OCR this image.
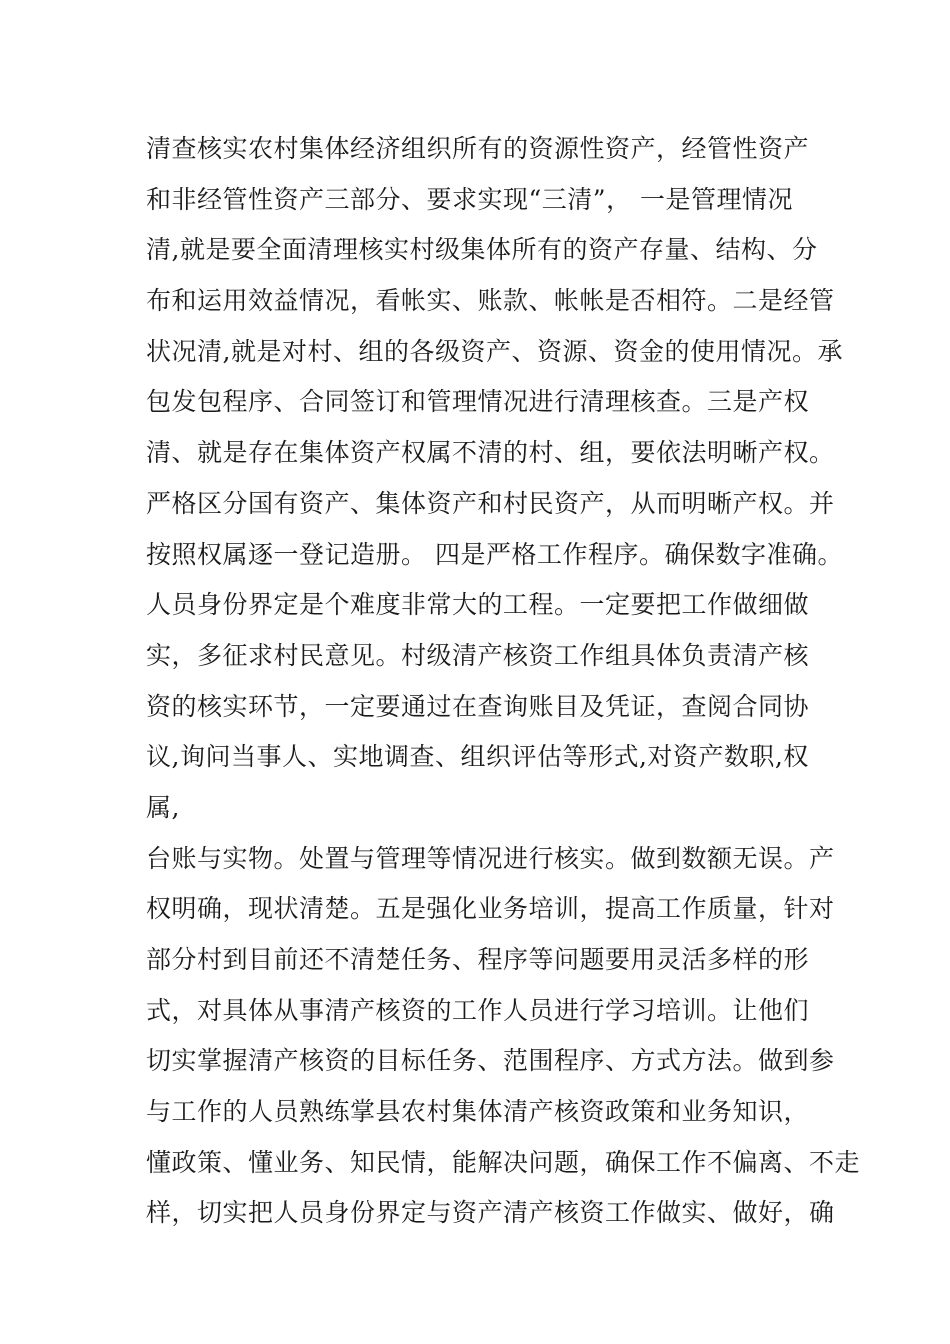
清查核实农村集体经济组织所有的资源性资产，经管性资产
和非经管性资产三部分、要求实现“三清”， 一是管理情况
清,就是要全面清理核实村级集体所有的资产存量、结构、分
布和运用效益情况，看帐实、账款、帐帐是否相符。二是经管
状况清,就是对村、组的各级资产、资源、资金的使用情况。承
包发包程序、合同签订和管理情况进行清理核查。三是产权
清、就是存在集体资产权属不清的村、组，要依法明晰产权。
严格区分国有资产、集体资产和村民资产，从而明晰产权。并
按照权属逐一登记造册。 四是严格工作程序。确保数字准确。
人员身份界定是个难度非常大的工程。一定要把工作做细做
实，多征求村民意见。村级清产核资工作组具体负责清产核
资的核实环节，一定要通过在查询账目及凭证，查阅合同协
议,询问当事人、实地调查、组织评估等形式,对资产数职,权
属,
台账与实物。处置与管理等情况进行核实。做到数额无误。产
权明确，现状清楚。五是强化业务培训，提高工作质量，针对
部分村到目前还不清楚任务、程序等问题要用灵活多样的形
式，对具体从事清产核资的工作人员进行学习培训。让他们
切实掌握清产核资的目标任务、范围程序、方式方法。做到参
与工作的人员熟练掌县农村集体清产核资政策和业务知识，
懂政策、懂业务、知民情，能解决问题，确保工作不偏离、不走
样，切实把人员身份界定与资产清产核资工作做实、做好，确
